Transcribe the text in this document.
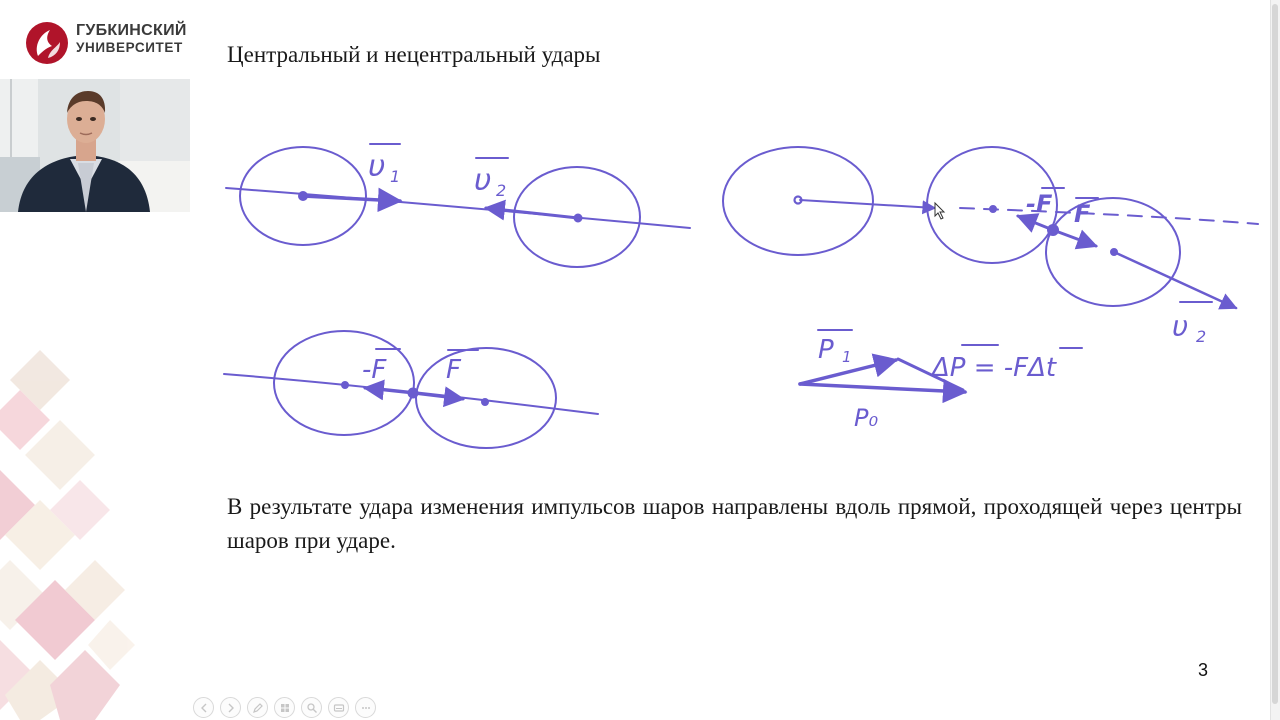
ГУБКИНСКИЙ
УНИВЕРСИТЕТ Центральный и нецентральный удары
υ 1 υ 2	-F F
υ 2
-F F
P 1	ΔP = -FΔt
P₀
В результате удара изменения импульсов шаров направлены вдоль прямой, проходящей через центры шаров при ударе.
3
